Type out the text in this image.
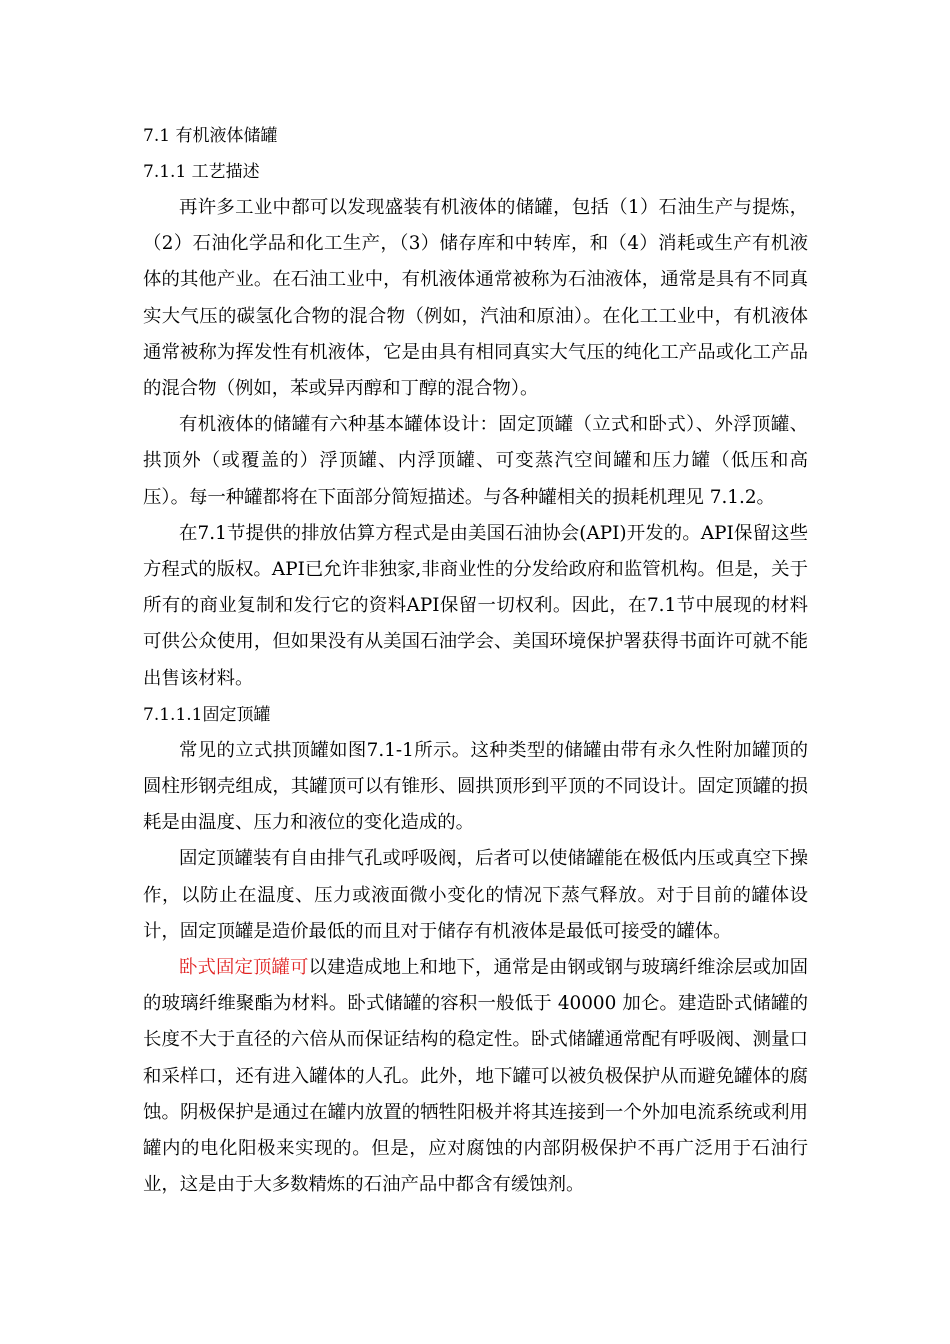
7.1 有机液体储罐
7.1.1 工艺描述

再许多工业中都可以发现盛装有机液体的储罐，包括（1）石油生产与提炼，（2）石油化学品和化工生产，（3）储存库和中转库，和（4）消耗或生产有机液体的其他产业。在石油工业中，有机液体通常被称为石油液体，通常是具有不同真实大气压的碳氢化合物的混合物（例如，汽油和原油）。在化工工业中，有机液体通常被称为挥发性有机液体，它是由具有相同真实大气压的纯化工产品或化工产品的混合物（例如，苯或异丙醇和丁醇的混合物）。

有机液体的储罐有六种基本罐体设计：固定顶罐（立式和卧式）、外浮顶罐、拱顶外（或覆盖的）浮顶罐、内浮顶罐、可变蒸汽空间罐和压力罐（低压和高压）。每一种罐都将在下面部分简短描述。与各种罐相关的损耗机理见 7.1.2。

在7.1节提供的排放估算方程式是由美国石油协会(API)开发的。API保留这些方程式的版权。API已允许非独家,非商业性的分发给政府和监管机构。但是，关于所有的商业复制和发行它的资料API保留一切权利。因此，在7.1节中展现的材料可供公众使用，但如果没有从美国石油学会、美国环境保护署获得书面许可就不能出售该材料。

7.1.1.1固定顶罐

常见的立式拱顶罐如图7.1-1所示。这种类型的储罐由带有永久性附加罐顶的圆柱形钢壳组成，其罐顶可以有锥形、圆拱顶形到平顶的不同设计。固定顶罐的损耗是由温度、压力和液位的变化造成的。

固定顶罐装有自由排气孔或呼吸阀，后者可以使储罐能在极低内压或真空下操作，以防止在温度、压力或液面微小变化的情况下蒸气释放。对于目前的罐体设计，固定顶罐是造价最低的而且对于储存有机液体是最低可接受的罐体。

卧式固定顶罐可以建造成地上和地下，通常是由钢或钢与玻璃纤维涂层或加固的玻璃纤维聚酯为材料。卧式储罐的容积一般低于 40000 加仑。建造卧式储罐的长度不大于直径的六倍从而保证结构的稳定性。卧式储罐通常配有呼吸阀、测量口和采样口，还有进入罐体的人孔。此外，地下罐可以被负极保护从而避免罐体的腐蚀。阴极保护是通过在罐内放置的牺牲阳极并将其连接到一个外加电流系统或利用罐内的电化阳极来实现的。但是，应对腐蚀的内部阴极保护不再广泛用于石油行业，这是由于大多数精炼的石油产品中都含有缓蚀剂。
